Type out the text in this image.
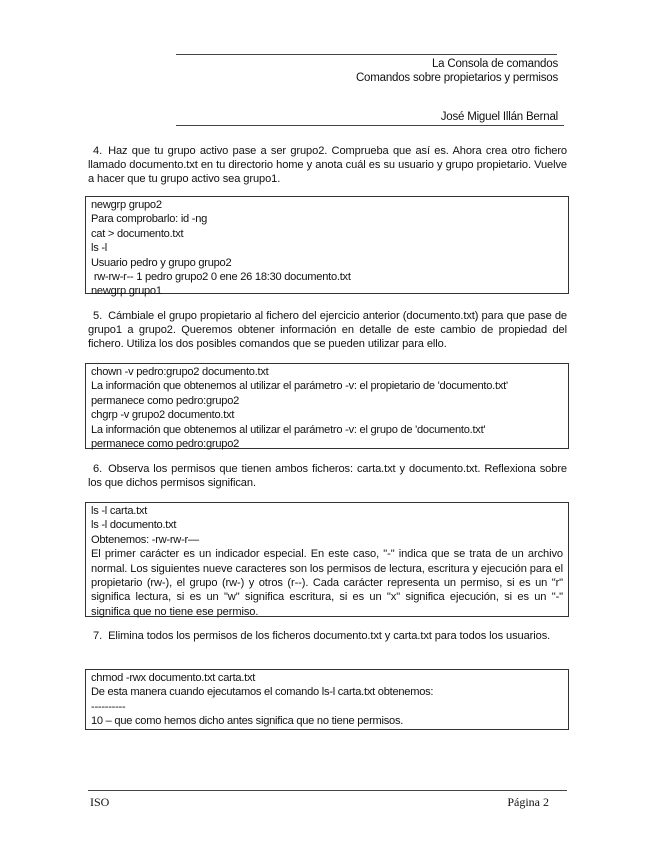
La Consola de comandos
Comandos sobre propietarios y permisos
José Miguel Illán Bernal
4. Haz que tu grupo activo pase a ser grupo2. Comprueba que así es. Ahora crea otro fichero llamado documento.txt en tu directorio home y anota cuál es su usuario y grupo propietario. Vuelve a hacer que tu grupo activo sea grupo1.
newgrp grupo2
Para comprobarlo: id -ng
cat > documento.txt
ls -l
Usuario pedro y grupo grupo2
rw-rw-r-- 1 pedro grupo2 0 ene 26 18:30 documento.txt
newgrp grupo1
5. Cámbiale el grupo propietario al fichero del ejercicio anterior (documento.txt) para que pase de grupo1 a grupo2. Queremos obtener información en detalle de este cambio de propiedad del fichero. Utiliza los dos posibles comandos que se pueden utilizar para ello.
chown -v pedro:grupo2 documento.txt
La información que obtenemos al utilizar el parámetro -v: el propietario de 'documento.txt'
permanece como pedro:grupo2
chgrp -v grupo2 documento.txt
La información que obtenemos al utilizar el parámetro -v: el grupo de 'documento.txt'
permanece como pedro:grupo2
6. Observa los permisos que tienen ambos ficheros: carta.txt y documento.txt. Reflexiona sobre los que dichos permisos significan.
ls -l carta.txt
ls -l documento.txt
Obtenemos: -rw-rw-r—
El primer carácter es un indicador especial. En este caso, "-" indica que se trata de un archivo normal. Los siguientes nueve caracteres son los permisos de lectura, escritura y ejecución para el propietario (rw-), el grupo (rw-) y otros (r--). Cada carácter representa un permiso, si es un "r" significa lectura, si es un "w" significa escritura, si es un "x" significa ejecución, si es un "-" significa que no tiene ese permiso.
7. Elimina todos los permisos de los ficheros documento.txt y carta.txt para todos los usuarios.
chmod -rwx documento.txt carta.txt
De esta manera cuando ejecutamos el comando ls-l carta.txt obtenemos:
----------
10 – que como hemos dicho antes significa que no tiene permisos.
ISO	Página 2
